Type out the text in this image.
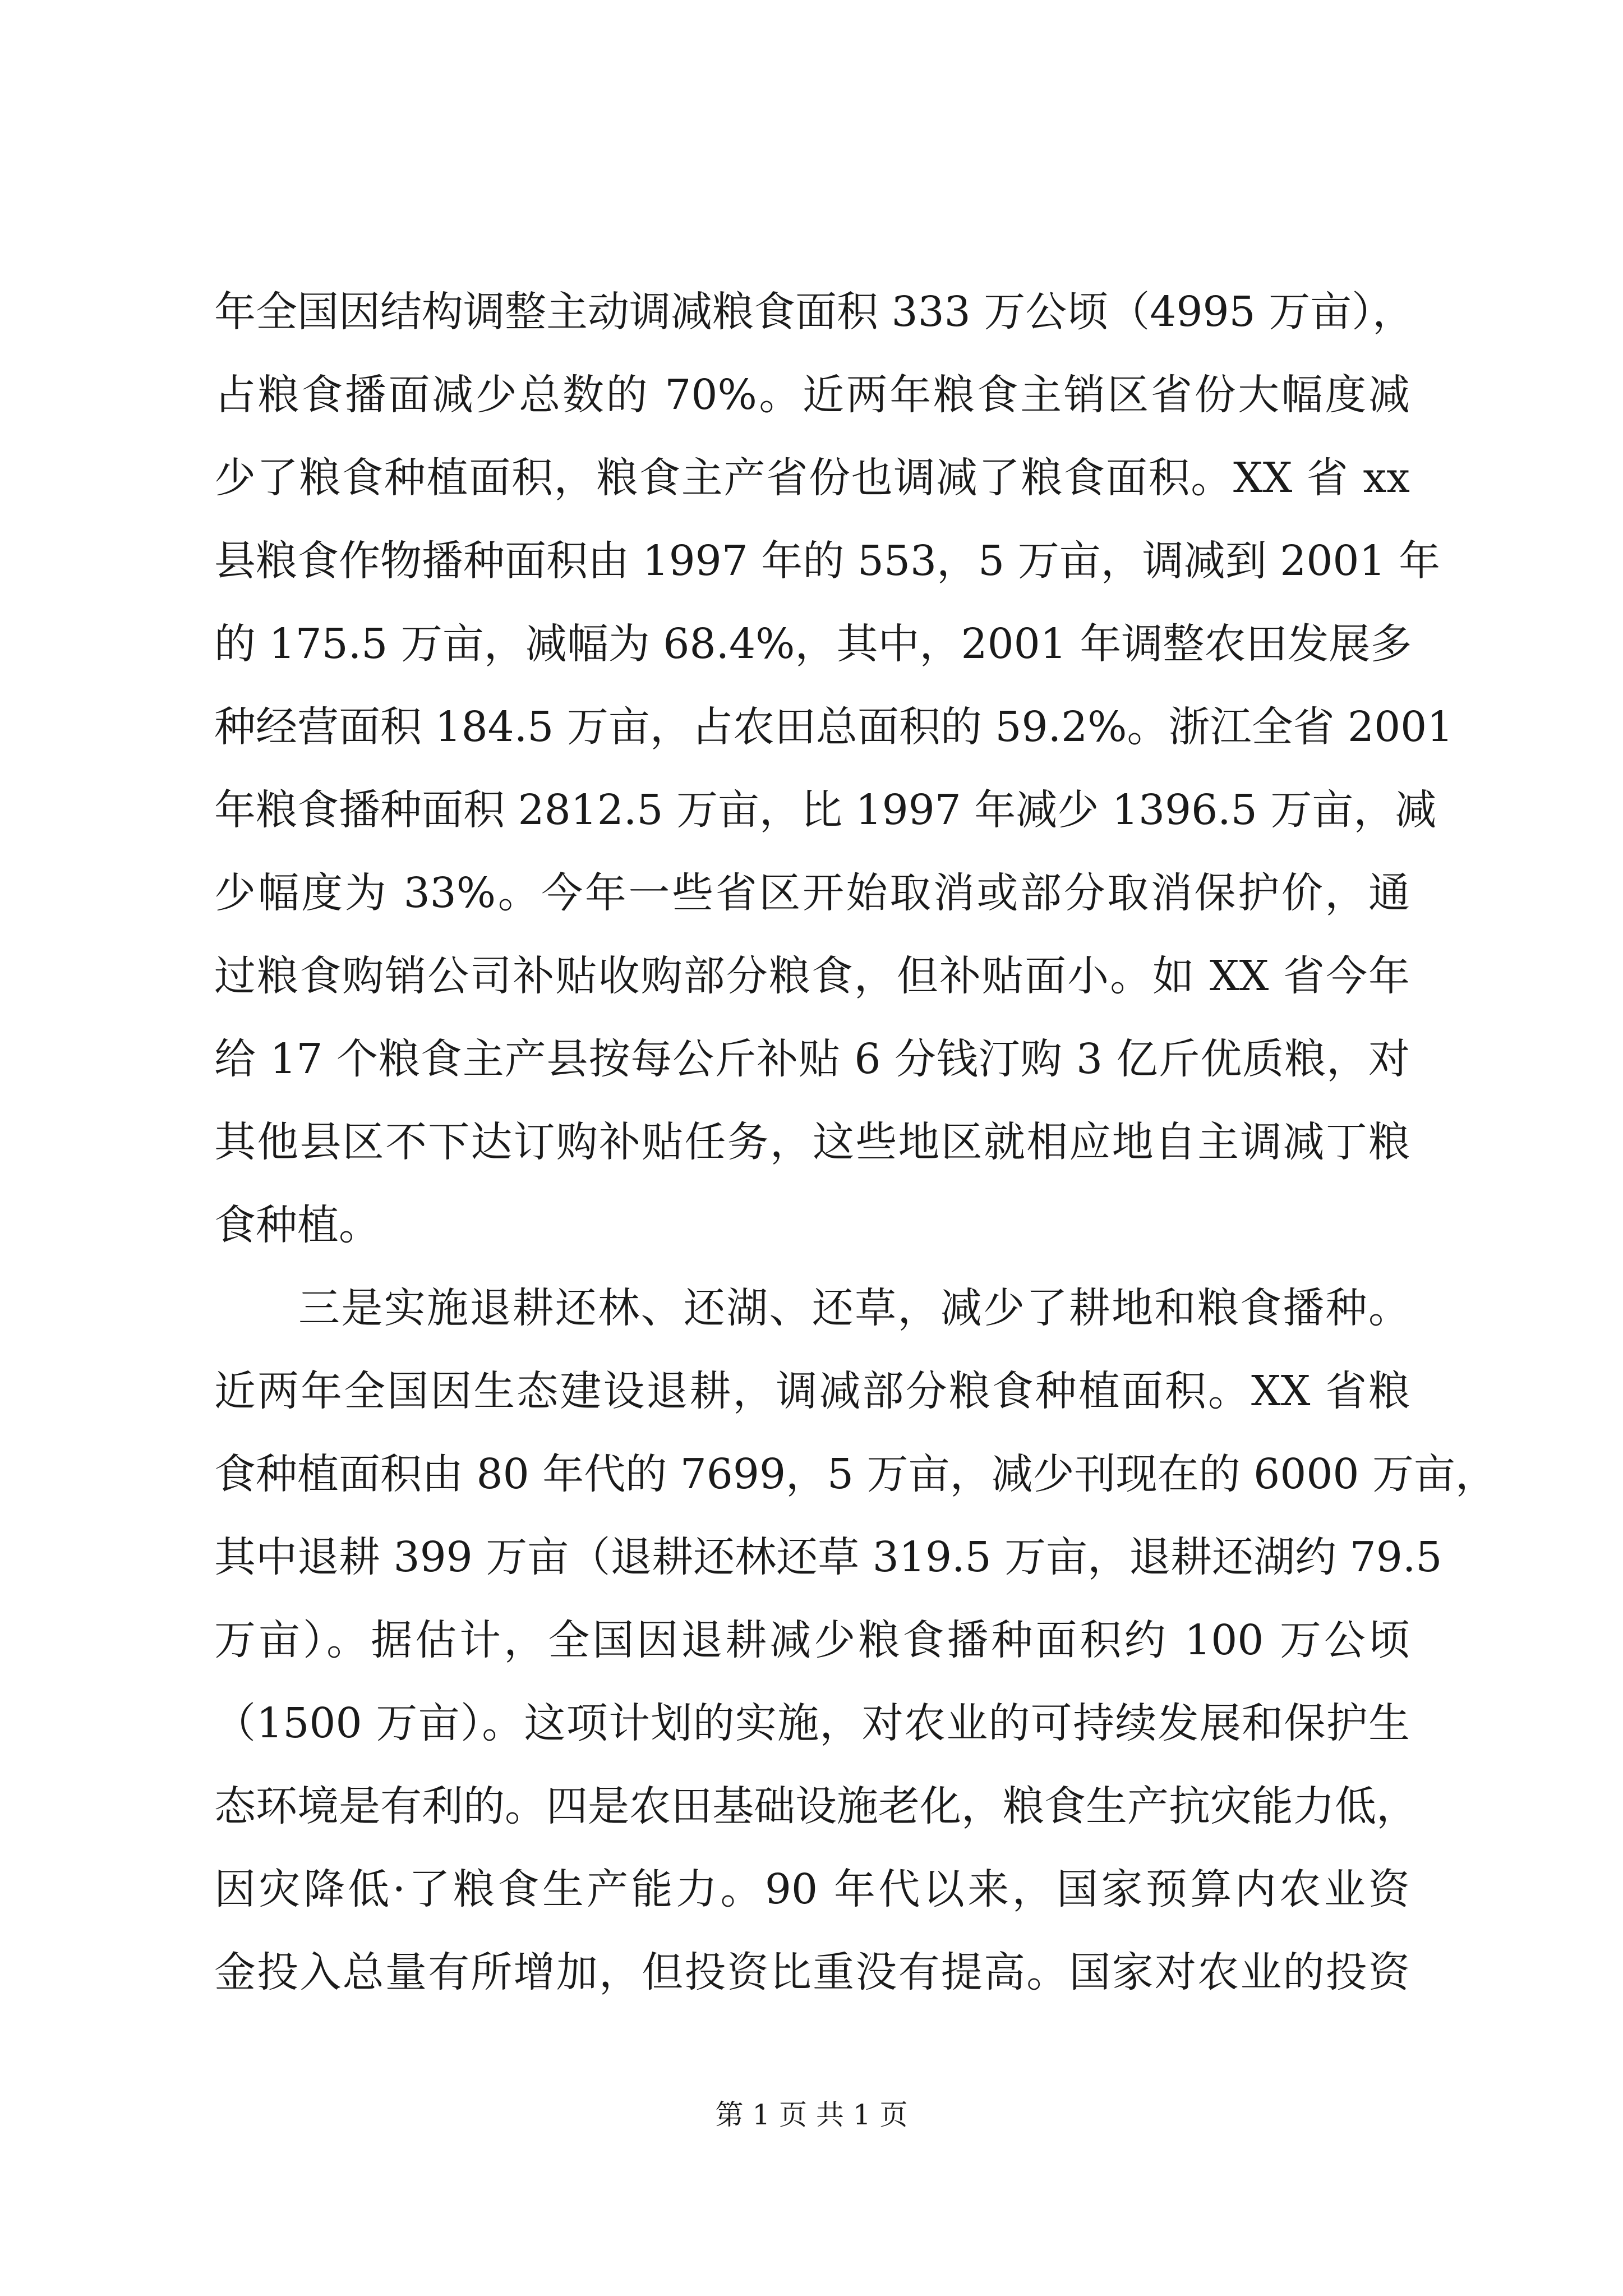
年全国因结构调整主动调减粮食面积 333 万公顷（4995 万亩），
占粮食播面减少总数的 70%。近两年粮食主销区省份大幅度减
少了粮食种植面积，粮食主产省份也调减了粮食面积。XX 省 xx
县粮食作物播种面积由 1997 年的 553，5 万亩，调减到 2001 年
的 175.5 万亩，减幅为 68.4%，其中，2001 年调整农田发展多
种经营面积 184.5 万亩，占农田总面积的 59.2%。浙江全省 2001
年粮食播种面积 2812.5 万亩，比 1997 年减少 1396.5 万亩，减
少幅度为 33%。今年一些省区开始取消或部分取消保护价，通
过粮食购销公司补贴收购部分粮食，但补贴面小。如 XX 省今年
给 17 个粮食主产县按每公斤补贴 6 分钱汀购 3 亿斤优质粮，对
其他县区不下达订购补贴任务，这些地区就相应地自主调减丁粮
食种植。
三是实施退耕还林、还湖、还草，减少了耕地和粮食播种。
近两年全国因生态建设退耕，调减部分粮食种植面积。XX 省粮
食种植面积由 80 年代的 7699，5 万亩，减少刊现在的 6000 万亩，
其中退耕 399 万亩（退耕还林还草 319.5 万亩，退耕还湖约 79.5
万亩）。据估计，全国因退耕减少粮食播种面积约 100 万公顷
（1500 万亩）。这项计划的实施，对农业的可持续发展和保护生
态环境是有利的。四是农田基础设施老化，粮食生产抗灾能力低，
因灾降低·了粮食生产能力。90 年代以来，国家预算内农业资
金投入总量有所增加，但投资比重没有提高。国家对农业的投资
第 1 页 共 1 页
